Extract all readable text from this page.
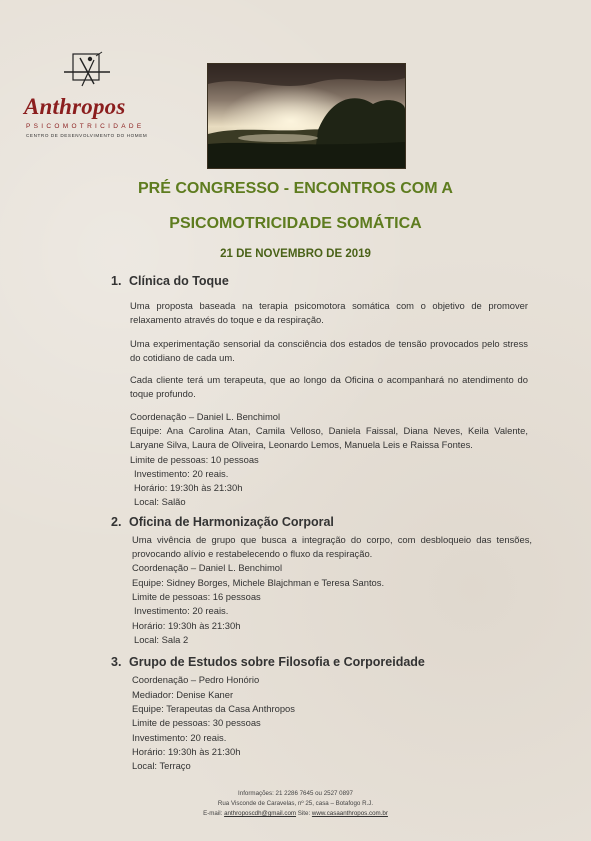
Anthropos
PSICOMOTRICIDADE
CENTRO DE DESENVOLVIMENTO DO HOMEM
PRÉ CONGRESSO - ENCONTROS COM A
PSICOMOTRICIDADE SOMÁTICA
21 DE NOVEMBRO DE 2019
1. Clínica do Toque
Uma proposta baseada na terapia psicomotora somática com o objetivo de promover relaxamento através do toque e da respiração.
Uma experimentação sensorial da consciência dos estados de tensão provocados pelo stress do cotidiano de cada um.
Cada cliente terá um terapeuta, que ao longo da Oficina o acompanhará no atendimento do toque profundo.
Coordenação – Daniel L. Benchimol
Equipe: Ana Carolina Atan, Camila Velloso, Daniela Faissal, Diana Neves, Keila Valente, Laryane Silva, Laura de Oliveira, Leonardo Lemos, Manuela Leis e Raissa Fontes.
Limite de pessoas: 10 pessoas
Investimento: 20 reais.
Horário: 19:30h às 21:30h
Local: Salão
2. Oficina de Harmonização Corporal
Uma vivência de grupo que busca a integração do corpo, com desbloqueio das tensões, provocando alívio e restabelecendo o fluxo da respiração.
Coordenação – Daniel L. Benchimol
Equipe: Sidney Borges, Michele Blajchman e Teresa Santos.
Limite de pessoas: 16 pessoas
Investimento: 20 reais.
Horário: 19:30h às 21:30h
Local: Sala 2
3. Grupo de Estudos sobre Filosofia e Corporeidade
Coordenação – Pedro Honório
Mediador: Denise Kaner
Equipe: Terapeutas da Casa Anthropos
Limite de pessoas: 30 pessoas
Investimento: 20 reais.
Horário: 19:30h às 21:30h
Local: Terraço
Informações: 21 2286 7645 ou 2527 0897
Rua Visconde de Caravelas, nº 25, casa – Botafogo R.J.
E-mail: anthroposcdh@gmail.com Site: www.casaanthropos.com.br
